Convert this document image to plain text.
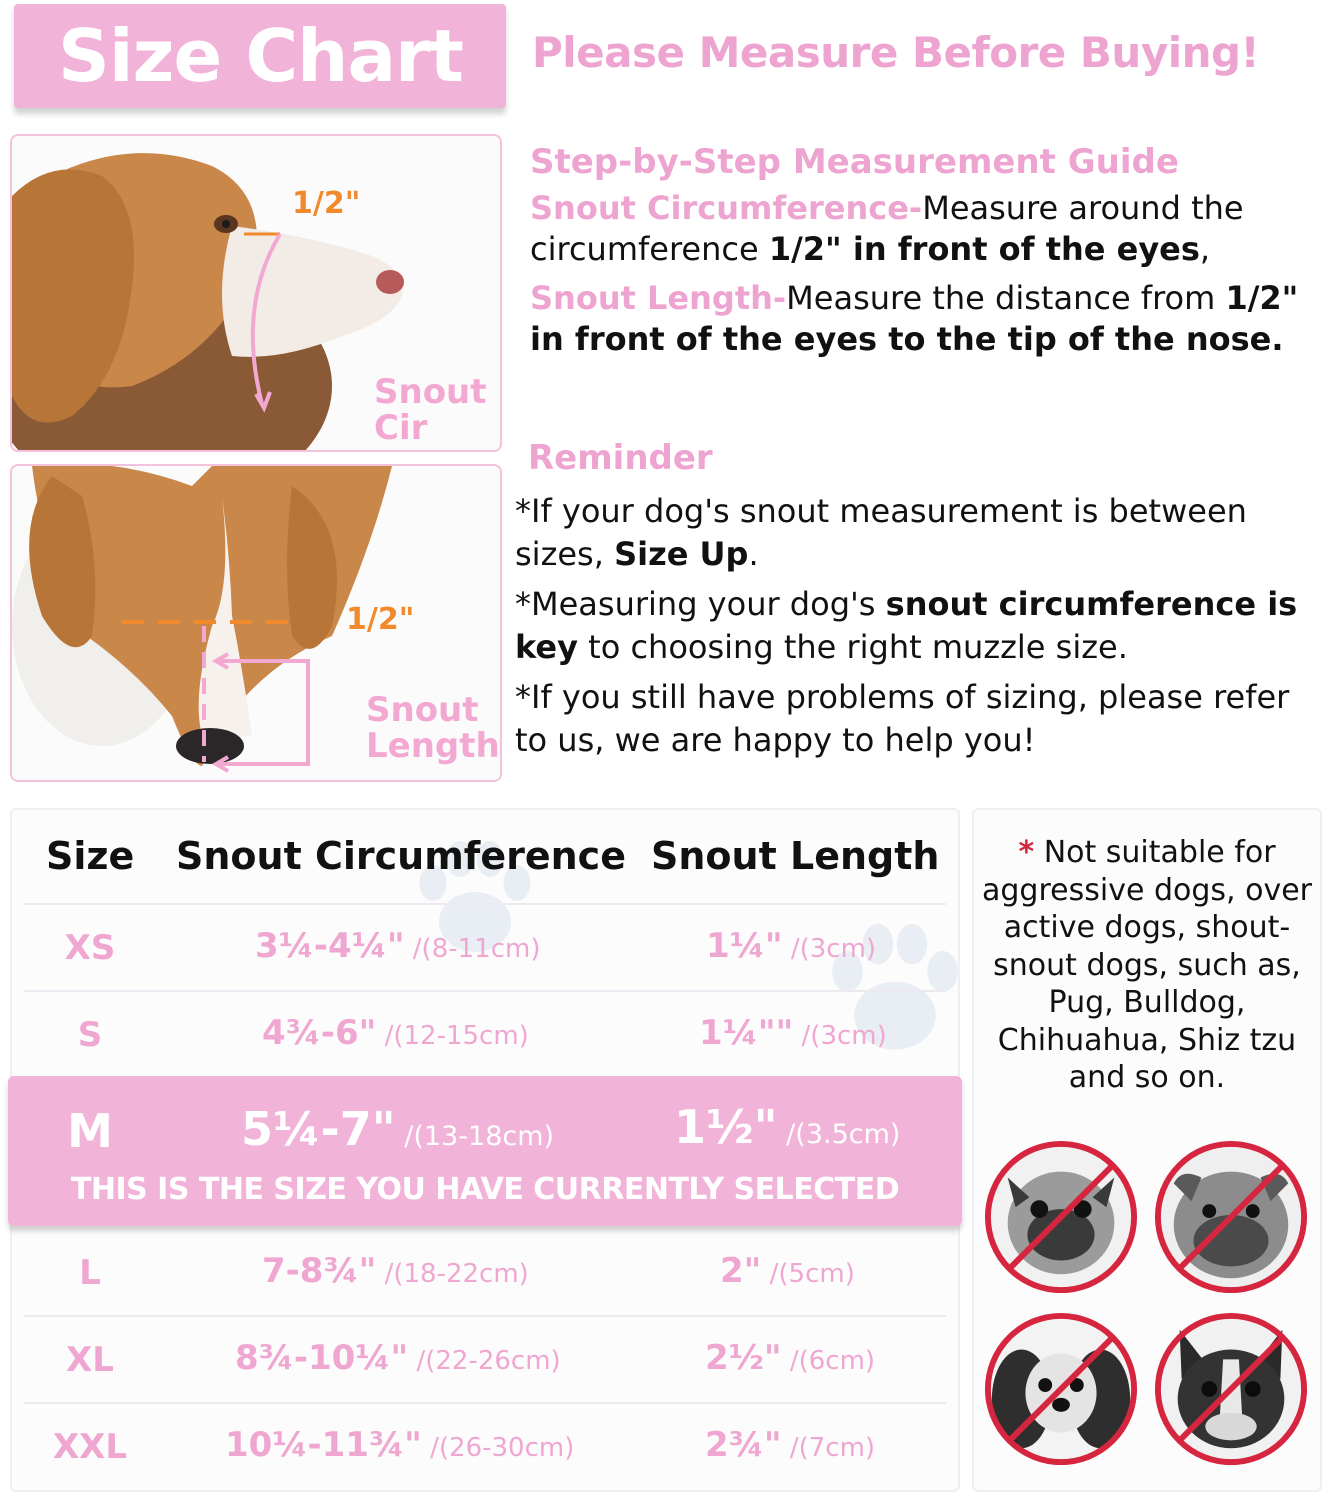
Size Chart Please Measure Before Buying!
1/2"
Snout
Cir
1/2"
Snout
Length
Step-by-Step Measurement Guide

Snout Circumference-Measure around the circumference 1/2" in front of the eyes,

Snout Length-Measure the distance from 1/2" in front of the eyes to the tip of the nose.

Reminder

*If your dog's snout measurement is between sizes, Size Up.

*Measuring your dog's snout circumference is key to choosing the right muzzle size.

*If you still have problems of sizing, please refer to us, we are happy to help you!

Size Snout Circumference Snout Length
XS	3¼-4¼" /(8-11cm)	1¼" /(3cm)
S	4¾-6" /(12-15cm)	1¼"" /(3cm)
M	5¼-7" /(13-18cm)	1½" /(3.5cm)
THIS IS THE SIZE YOU HAVE CURRENTLY SELECTED
L	7-8¾" /(18-22cm)	2" /(5cm)
XL	8¾-10¼" /(22-26cm)	2½" /(6cm)
XXL	10¼-11¾" /(26-30cm)	2¾" /(7cm)
* Not suitable for aggressive dogs, over active dogs, shout-snout dogs, such as, Pug, Bulldog, Chihuahua, Shiz tzu and so on.
